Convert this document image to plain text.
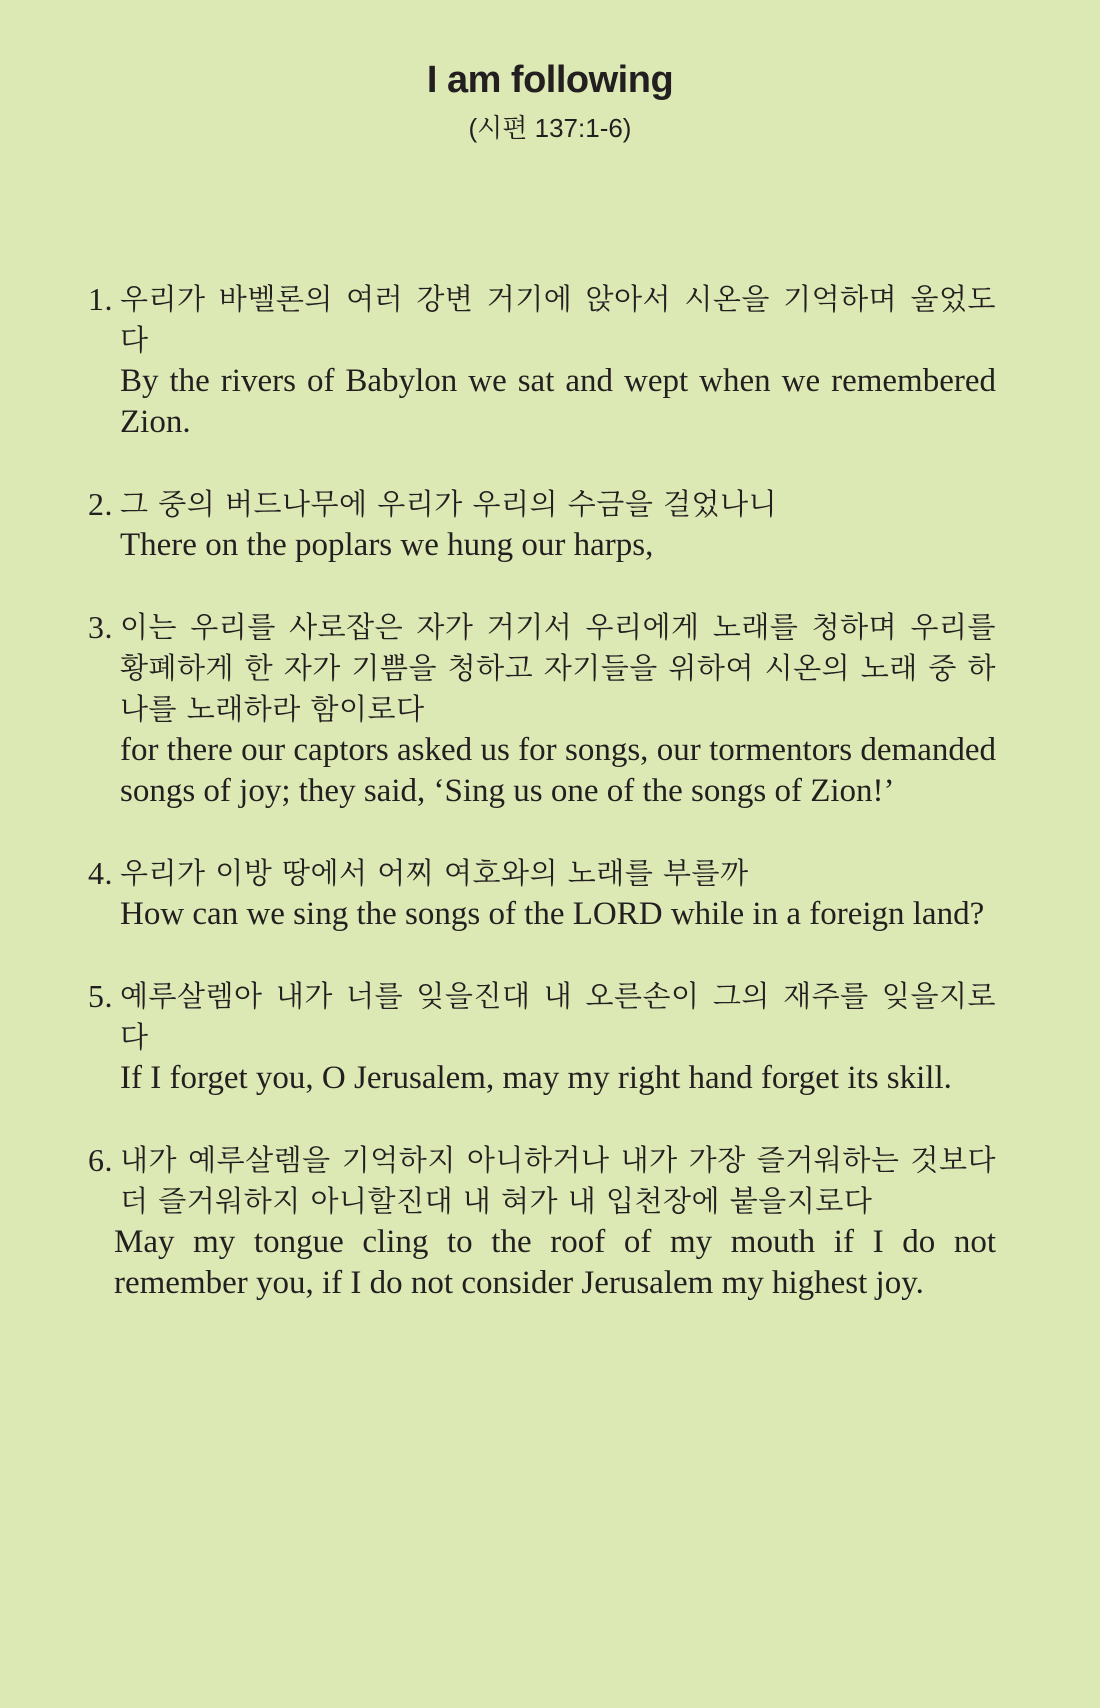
I am following
(시편 137:1-6)
1. 우리가 바벨론의 여러 강변 거기에 앉아서 시온을 기억하며 울었도다
By the rivers of Babylon we sat and wept when we remembered Zion.
2. 그 중의 버드나무에 우리가 우리의 수금을 걸었나니
There on the poplars we hung our harps,
3. 이는 우리를 사로잡은 자가 거기서 우리에게 노래를 청하며 우리를 황폐하게 한 자가 기쁨을 청하고 자기들을 위하여 시온의 노래 중 하나를 노래하라 함이로다
for there our captors asked us for songs, our tormentors demanded songs of joy; they said, ‘Sing us one of the songs of Zion!’
4. 우리가 이방 땅에서 어찌 여호와의 노래를 부를까
How can we sing the songs of the LORD while in a foreign land?
5. 예루살렘아 내가 너를 잊을진대 내 오른손이 그의 재주를 잊을지로다
If I forget you, O Jerusalem, may my right hand forget its skill.
6. 내가 예루살렘을 기억하지 아니하거나 내가 가장 즐거워하는 것보다 더 즐거워하지 아니할진대 내 혀가 내 입천장에 붙을지로다
May my tongue cling to the roof of my mouth if I do not remember you, if I do not consider Jerusalem my highest joy.
